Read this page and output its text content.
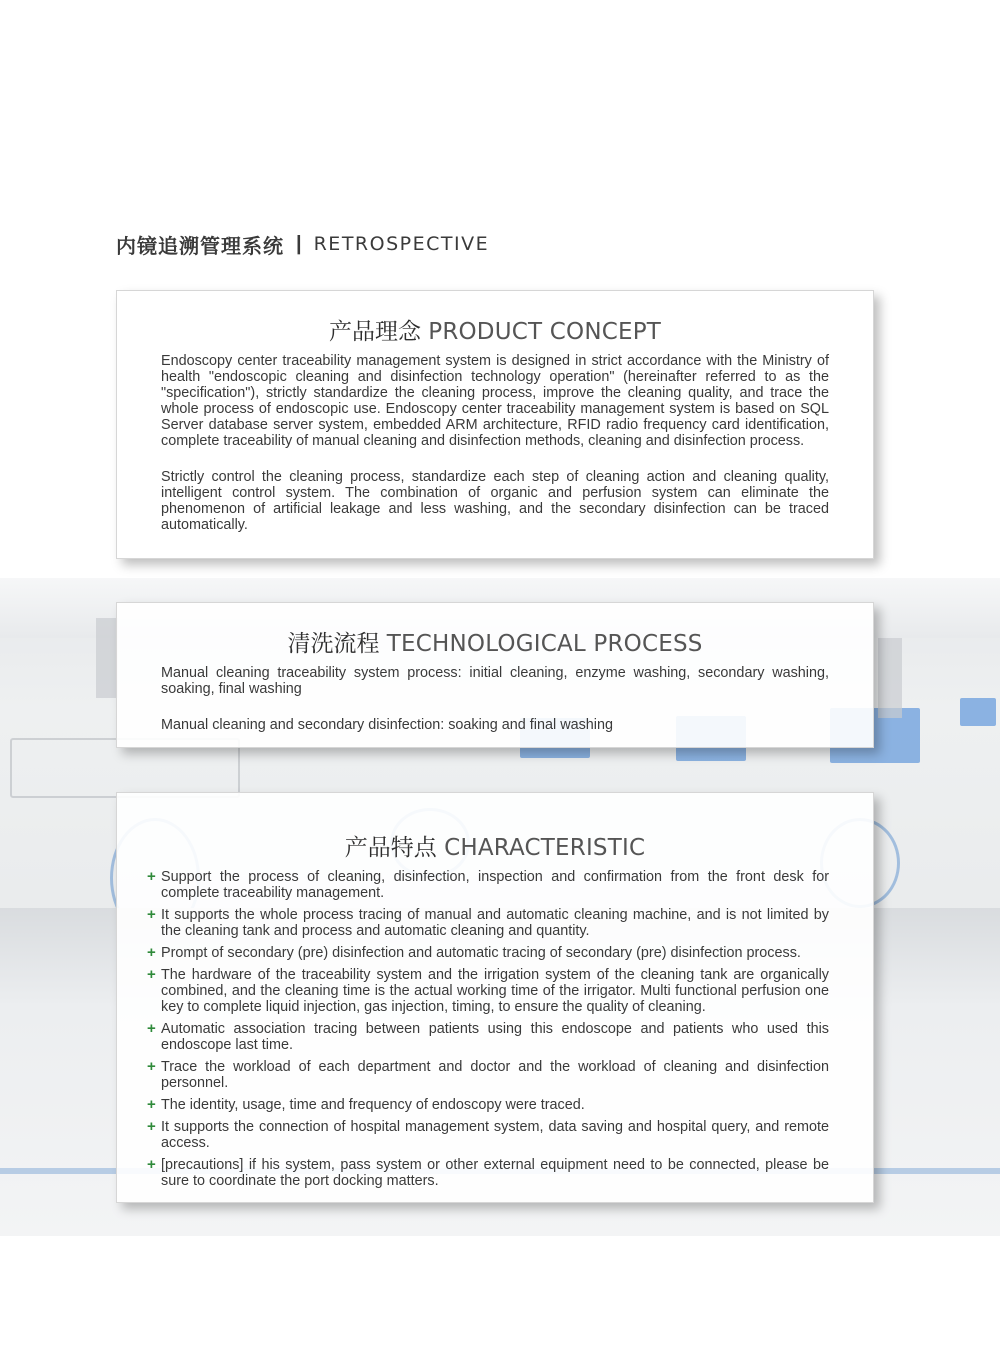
内镜追溯管理系统 | RETROSPECTIVE
产品理念 PRODUCT CONCEPT

Endoscopy center traceability management system is designed in strict accordance with the Ministry of health "endoscopic cleaning and disinfection technology operation" (hereinafter referred to as the "specification"), strictly standardize the cleaning process, improve the cleaning quality, and trace the whole process of endoscopic use. Endoscopy center traceability management system is based on SQL Server database server system, embedded ARM architecture, RFID radio frequency card identification, complete traceability of manual cleaning and disinfection methods, cleaning and disinfection process.

Strictly control the cleaning process, standardize each step of cleaning action and cleaning quality, intelligent control system. The combination of organic and perfusion system can eliminate the phenomenon of artificial leakage and less washing, and the secondary disinfection can be traced automatically.

清洗流程 TECHNOLOGICAL PROCESS

Manual cleaning traceability system process: initial cleaning, enzyme washing, secondary washing, soaking, final washing

Manual cleaning and secondary disinfection: soaking and final washing

产品特点 CHARACTERISTIC
+ Support the process of cleaning, disinfection, inspection and confirmation from the front desk for complete traceability management.
+ It supports the whole process tracing of manual and automatic cleaning machine, and is not limited by the cleaning tank and process and automatic cleaning and quantity.
+ Prompt of secondary (pre) disinfection and automatic tracing of secondary (pre) disinfection process.
+ The hardware of the traceability system and the irrigation system of the cleaning tank are organically combined, and the cleaning time is the actual working time of the irrigator. Multi functional perfusion one key to complete liquid injection, gas injection, timing, to ensure the quality of cleaning.
+ Automatic association tracing between patients using this endoscope and patients who used this endoscope last time.
+ Trace the workload of each department and doctor and the workload of cleaning and disinfection personnel.
+ The identity, usage, time and frequency of endoscopy were traced.
+ It supports the connection of hospital management system, data saving and hospital query, and remote access.
+ [precautions] if his system, pass system or other external equipment need to be connected, please be sure to coordinate the port docking matters.
